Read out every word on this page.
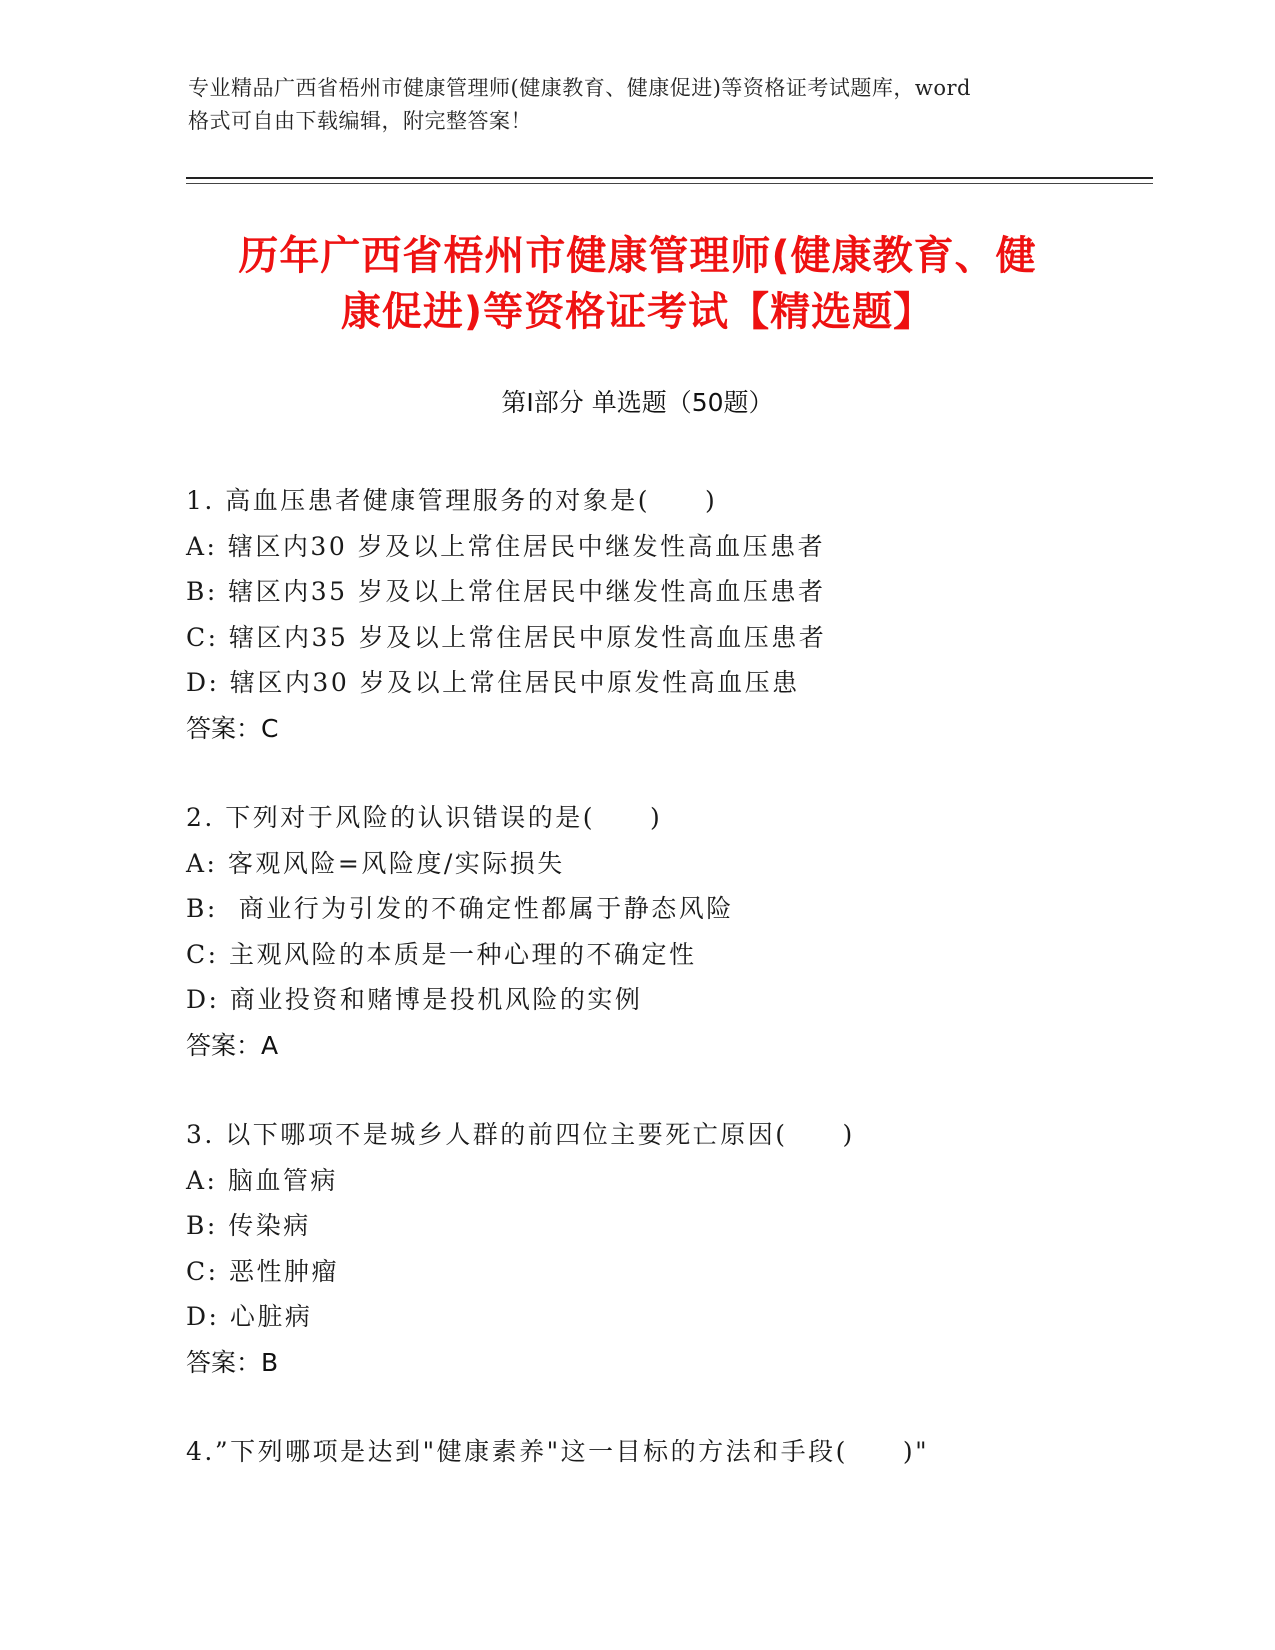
专业精品广西省梧州市健康管理师(健康教育、健康促进)等资格证考试题库，word

格式可自由下载编辑，附完整答案！

历年广西省梧州市健康管理师(健康教育、健

康促进)等资格证考试【精选题】

第Ⅰ部分 单选题（50题）
1. 高血压患者健康管理服务的对象是(　　)
A: 辖区内30 岁及以上常住居民中继发性高血压患者
B: 辖区内35 岁及以上常住居民中继发性高血压患者
C: 辖区内35 岁及以上常住居民中原发性高血压患者
D: 辖区内30 岁及以上常住居民中原发性高血压患
答案：C
2. 下列对于风险的认识错误的是(　　)
A: 客观风险=风险度/实际损失
B:  商业行为引发的不确定性都属于静态风险
C: 主观风险的本质是一种心理的不确定性
D: 商业投资和赌博是投机风险的实例
答案：A
3. 以下哪项不是城乡人群的前四位主要死亡原因(　　)
A: 脑血管病
B: 传染病
C: 恶性肿瘤
D: 心脏病
答案：B
4.”下列哪项是达到"健康素养"这一目标的方法和手段(　　)"
